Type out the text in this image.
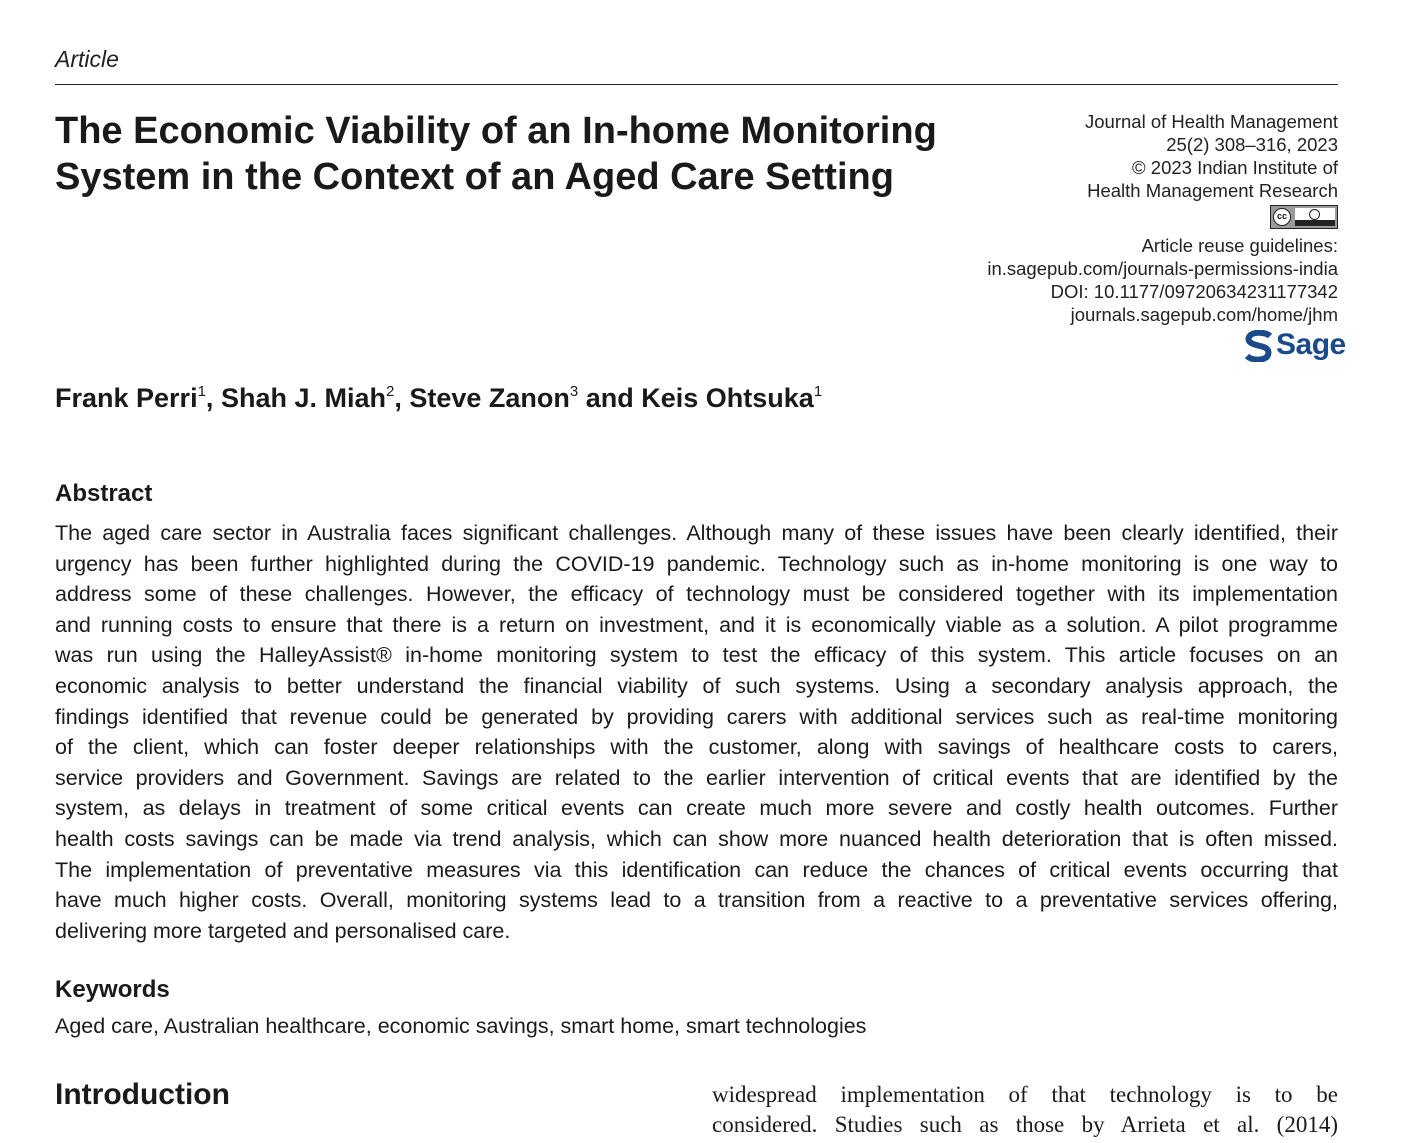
Article
The Economic Viability of an In-home Monitoring
System in the Context of an Aged Care Setting
Journal of Health Management
25(2) 308–316, 2023
© 2023 Indian Institute of
Health Management Research
cc
Article reuse guidelines:
in.sagepub.com/journals-permissions-india
DOI: 10.1177/09720634231177342
journals.sagepub.com/home/jhm
Sage
Frank Perri$^1$, Shah J. Miah$^2$, Steve Zanon$^3$ and Keis Ohtsuka$^1$
Abstract
The aged care sector in Australia faces significant challenges. Although many of these issues have been clearly identified, their
urgency has been further highlighted during the COVID-19 pandemic. Technology such as in-home monitoring is one way to
address some of these challenges. However, the efficacy of technology must be considered together with its implementation
and running costs to ensure that there is a return on investment, and it is economically viable as a solution. A pilot programme
was run using the HalleyAssist® in-home monitoring system to test the efficacy of this system. This article focuses on an
economic analysis to better understand the financial viability of such systems. Using a secondary analysis approach, the
findings identified that revenue could be generated by providing carers with additional services such as real-time monitoring
of the client, which can foster deeper relationships with the customer, along with savings of healthcare costs to carers,
service providers and Government. Savings are related to the earlier intervention of critical events that are identified by the
system, as delays in treatment of some critical events can create much more severe and costly health outcomes. Further
health costs savings can be made via trend analysis, which can show more nuanced health deterioration that is often missed.
The implementation of preventative measures via this identification can reduce the chances of critical events occurring that
have much higher costs. Overall, monitoring systems lead to a transition from a reactive to a preventative services offering,
delivering more targeted and personalised care.
Keywords
Aged care, Australian healthcare, economic savings, smart home, smart technologies
Introduction	widespread implementation of that technology is to be
considered. Studies such as those by Arrieta et al. (2014)
